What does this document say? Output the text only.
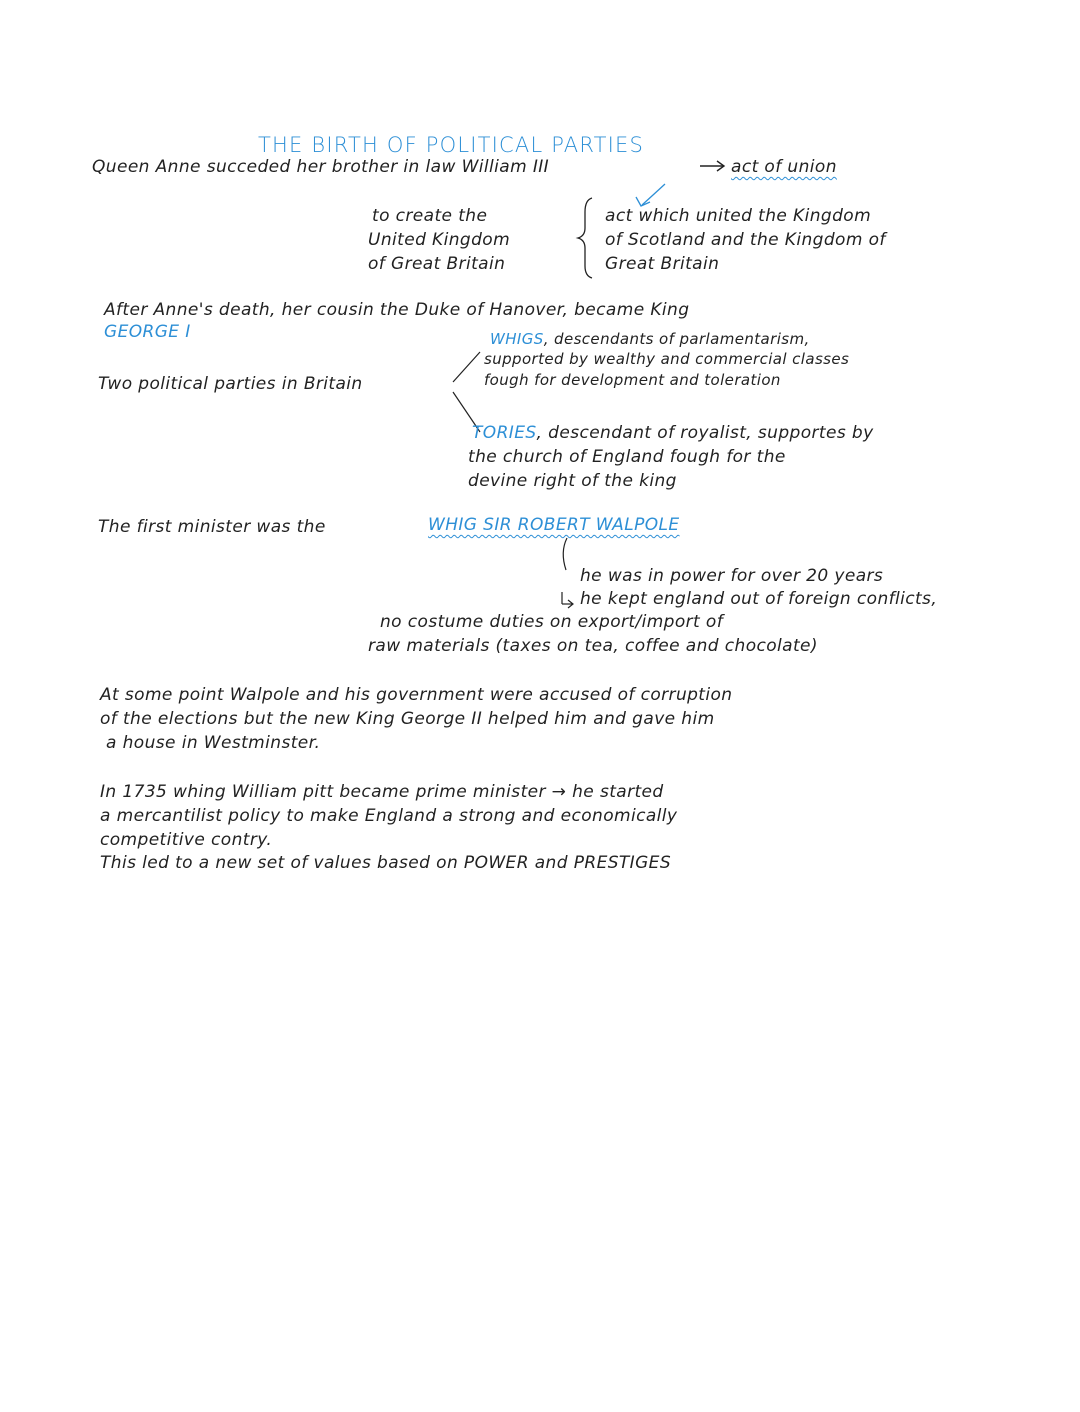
THE BIRTH OF POLITICAL PARTIES
Queen Anne succeded her brother in law William III	act of union
to create the
United Kingdom
of Great Britain
act which united the Kingdom
of Scotland and the Kingdom of
Great Britain
After Anne's death, her cousin the Duke of Hanover, became King
GEORGE I	WHIGS, descendants of parlamentarism,
supported by wealthy and commercial classes
fough for development and toleration
Two political parties in Britain
TORIES, descendant of royalist, supportes by
the church of England fough for the
devine right of the king
The first minister was the	WHIG SIR ROBERT WALPOLE
he was in power for over 20 years
he kept england out of foreign conflicts,
no costume duties on export/import of
raw materials (taxes on tea, coffee and chocolate)
At some point Walpole and his government were accused of corruption
of the elections but the new King George II helped him and gave him
a house in Westminster.
In 1735 whing William pitt became prime minister → he started
a mercantilist policy to make England a strong and economically
competitive contry.
This led to a new set of values based on POWER and PRESTIGES
